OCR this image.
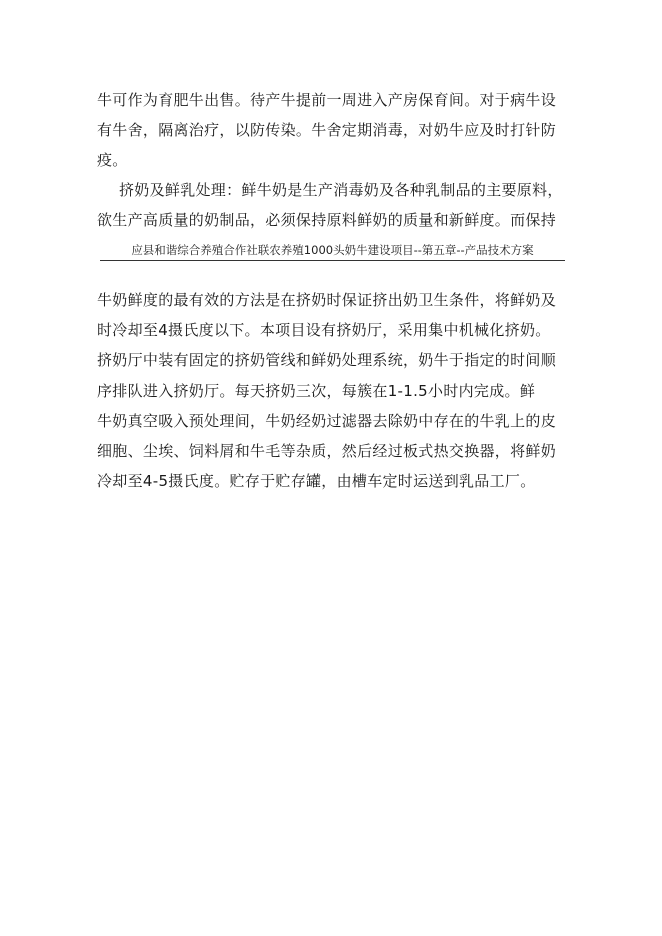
牛可作为育肥牛出售。待产牛提前一周进入产房保育间。对于病牛设
有牛舍，隔离治疗，以防传染。牛舍定期消毒，对奶牛应及时打针防
疫。
挤奶及鲜乳处理：鲜牛奶是生产消毒奶及各种乳制品的主要原料，
欲生产高质量的奶制品，必须保持原料鲜奶的质量和新鲜度。而保持
应县和谐综合养殖合作社联农养殖1000头奶牛建设项目--第五章--产品技术方案
牛奶鲜度的最有效的方法是在挤奶时保证挤出奶卫生条件，将鲜奶及
时冷却至4摄氏度以下。本项目设有挤奶厅，采用集中机械化挤奶。
挤奶厅中装有固定的挤奶管线和鲜奶处理系统，奶牛于指定的时间顺
序排队进入挤奶厅。每天挤奶三次，每簇在1-1.5小时内完成。鲜
牛奶真空吸入预处理间，牛奶经奶过滤器去除奶中存在的牛乳上的皮
细胞、尘埃、饲料屑和牛毛等杂质，然后经过板式热交换器，将鲜奶
冷却至4-5摄氏度。贮存于贮存罐，由槽车定时运送到乳品工厂。
